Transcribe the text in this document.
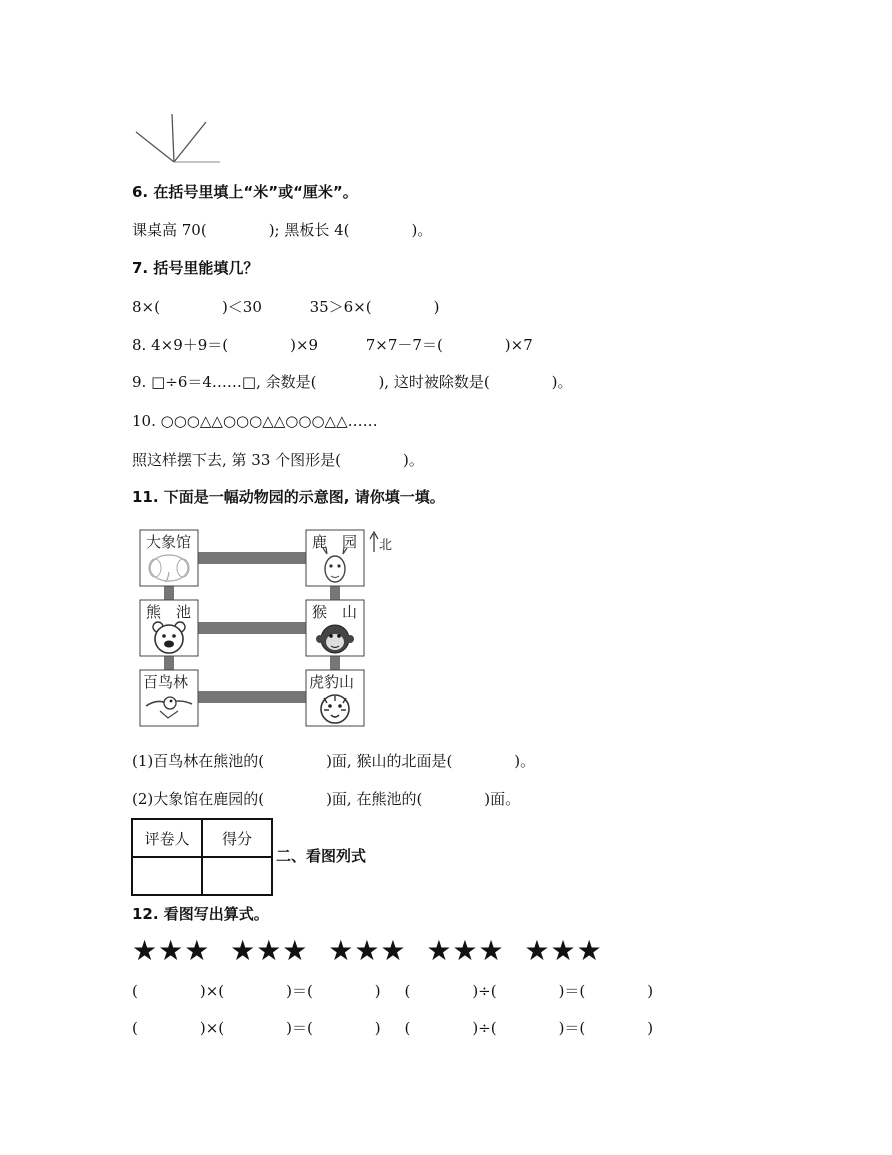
6. 在括号里填上“米”或“厘米”。
课桌高 70(             ); 黑板长 4(             )。
7. 括号里能填几？
8×(             )＜30          35＞6×(             )
8. 4×9＋9＝(             )×9          7×7－7＝(             )×7
9. □÷6＝4……□, 余数是(             ), 这时被除数是(             )。
10. ○○○△△○○○△△○○○△△……
照这样摆下去, 第 33 个图形是(             )。
11. 下面是一幅动物园的示意图, 请你填一填。
大象馆	鹿　园
熊　池	猴　山
百鸟林	虎豹山
北
(1)百鸟林在熊池的(             )面, 猴山的北面是(             )。
(2)大象馆在鹿园的(             )面, 在熊池的(             )面。
评卷人	得分

二、看图列式
12. 看图写出算式。
★★★  ★★★  ★★★  ★★★  ★★★
(             )×(             )＝(             )     (             )÷(             )＝(             )
(             )×(             )＝(             )     (             )÷(             )＝(             )
